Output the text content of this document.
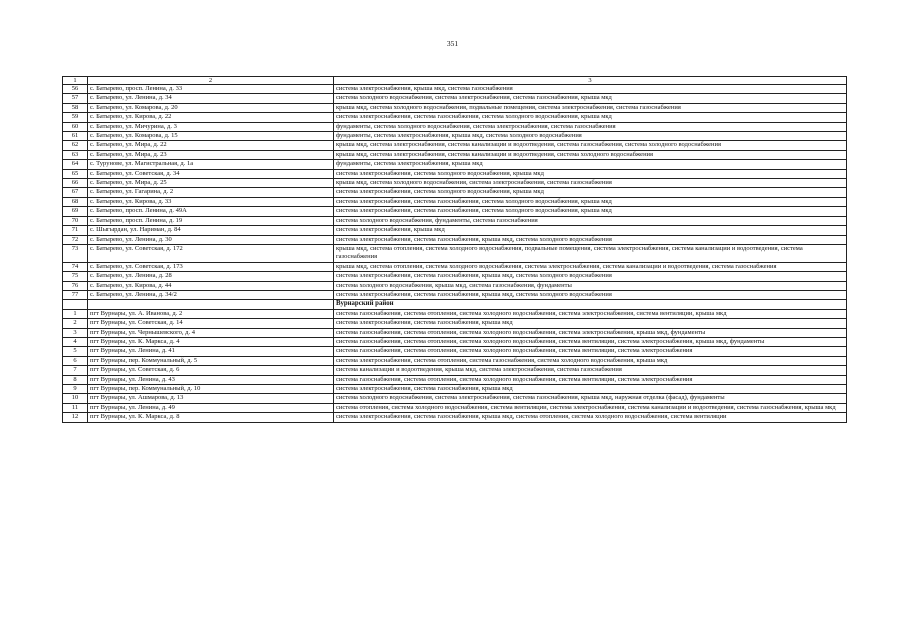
351
1	2	3
56	с. Батырево, просп. Ленина, д. 33	система электроснабжения, крыша мкд, система газоснабжения
57	с. Батырево, ул. Ленина, д. 34	система холодного водоснабжения, система электроснабжения, система газоснабжения, крыша мкд
58	с. Батырево, ул. Комарова, д. 20	крыша мкд, система холодного водоснабжения, подвальные помещения, система электроснабжения, система газоснабжения
59	с. Батырево, ул. Кирова, д. 22	система электроснабжения, система газоснабжения, система холодного водоснабжения, крыша мкд
60	с. Батырево, ул. Мичурина, д. 3	фундаменты, система холодного водоснабжения, система электроснабжения, система газоснабжения
61	с. Батырево, ул. Комарова, д. 15	фундаменты, система электроснабжения, крыша мкд, система холодного водоснабжения
62	с. Батырево, ул. Мира, д. 22	крыша мкд, система электроснабжения, система канализации и водоотведения, система газоснабжения, система холодного водоснабжения
63	с. Батырево, ул. Мира, д. 23	крыша мкд, система электроснабжения, система канализации и водоотведения, система холодного водоснабжения
64	с. Турунове, ул. Магистральная, д. 1а	фундаменты, система электроснабжения, крыша мкд
65	с. Батырево, ул. Советская, д. 34	система электроснабжения, система холодного водоснабжения, крыша мкд
66	с. Батырево, ул. Мира, д. 25	крыша мкд, система холодного водоснабжения, система электроснабжения, система газоснабжения
67	с. Батырево, ул. Гагарина, д. 2	система электроснабжения, система холодного водоснабжения, крыша мкд
68	с. Батырево, ул. Кирова, д. 33	система электроснабжения, система газоснабжения, система холодного водоснабжения, крыша мкд
69	с. Батырево, просп. Ленина, д. 49А	система электроснабжения, система газоснабжения, система холодного водоснабжения, крыша мкд
70	с. Батырево, просп. Ленина, д. 19	система холодного водоснабжения, фундаменты, система газоснабжения
71	с. Шыгырдан, ул. Нариман, д. 84	система электроснабжения, крыша мкд
72	с. Батырево, ул. Ленина, д. 30	система электроснабжения, система газоснабжения, крыша мкд, система холодного водоснабжения
73	с. Батырево, ул. Советская, д. 172	крыша мкд, система отопления, система холодного водоснабжения, подвальные помещения, система электроснабжения, система канализации и водоотведения, система газоснабжения
74	с. Батырево, ул. Советская, д. 173	крыша мкд, система отопления, система холодного водоснабжения, система электроснабжения, система канализации и водоотведения, система газоснабжения
75	с. Батырево, ул. Ленина, д. 28	система электроснабжения, система газоснабжения, крыша мкд, система холодного водоснабжения
76	с. Батырево, ул. Кирова, д. 44	система холодного водоснабжения, крыша мкд, система газоснабжения, фундаменты
77	с. Батырево, ул. Ленина, д. 34/2	система электроснабжения, система газоснабжения, крыша мкд, система холодного водоснабжения
		Вурнарский район
1	пгт Вурнары, ул. А. Иванова, д. 2	система газоснабжения, система отопления, система холодного водоснабжения, система электроснабжения, система вентиляции, крыша мкд
2	пгт Вурнары, ул. Советская, д. 14	система электроснабжения, система газоснабжения, крыша мкд
3	пгт Вурнары, ул. Чернышевского, д. 4	система газоснабжения, система отопления, система холодного водоснабжения, система электроснабжения, крыша мкд, фундаменты
4	пгт Вурнары, ул. К. Маркса, д. 4	система газоснабжения, система отопления, система холодного водоснабжения, система вентиляции, система электроснабжения, крыша мкд, фундаменты
5	пгт Вурнары, ул. Ленина, д. 41	система газоснабжения, система отопления, система холодного водоснабжения, система вентиляции, система электроснабжения
6	пгт Вурнары, пер. Коммунальный, д. 5	система электроснабжения, система отопления, система газоснабжения, система холодного водоснабжения, крыша мкд
7	пгт Вурнары, ул. Советская, д. 6	система канализации и водоотведения, крыша мкд, система электроснабжения, система газоснабжения
8	пгт Вурнары, ул. Ленина, д. 43	система газоснабжения, система отопления, система холодного водоснабжения, система вентиляции, система электроснабжения
9	пгт Вурнары, пер. Коммунальный, д. 10	система электроснабжения, система газоснабжения, крыша мкд
10	пгт Вурнары, ул. Ашмарова, д. 13	система холодного водоснабжения, система электроснабжения, система газоснабжения, крыша мкд, наружная отделка (фасад), фундаменты
11	пгт Вурнары, ул. Ленина, д. 49	система отопления, система холодного водоснабжения, система вентиляции, система электроснабжения, система канализации и водоотведения, система газоснабжения, крыша мкд
12	пгт Вурнары, ул. К. Маркса, д. 8	система электроснабжения, система газоснабжения, крыша мкд, система отопления, система холодного водоснабжения, система вентиляции
